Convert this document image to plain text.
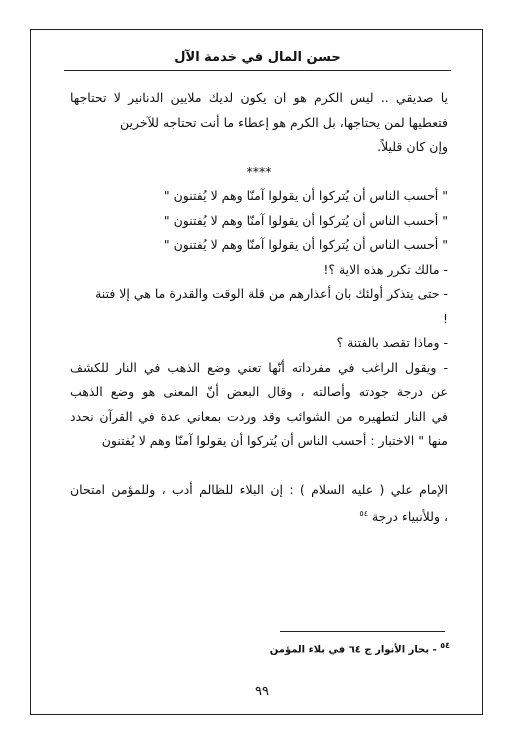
حسن المال في خدمة الآل
يا صديقي .. ليس الكرم هو ان يكون لديك ملايين الدنانير لا تحتاجها
فتعطيها لمن يحتاجها، بل الكرم هو إعطاء ما أنت تحتاجه للآخرين
وإن كان قليلاً.
****
" أحسب الناس أن يُتركوا أن يقولوا آمنّا وهم لا يُفتنون "
" أحسب الناس أن يُتركوا أن يقولوا آمنّا وهم لا يُفتنون "
" أحسب الناس أن يُتركوا أن يقولوا آمنّا وهم لا يُفتنون "
- مالك تكرر هذه الاية ؟!
- حتى يتذكر أولئك بان أعذارهم من قلة الوقت والقدرة ما هي إلا فتنة
!
- وماذا تقصد بالفتنة ؟
- ويقول الراغب في مفرداته أنّها تعني وضع الذهب في النار للكشف
عن درجة جودته وأصالته ، وقال البعض أنّ المعنى هو وضع الذهب
في النار لتطهيره من الشوائب وقد وردت بمعاني عدة في القرآن نحدد
منها " الاختبار : أحسب الناس أن يُتركوا أن يقولوا آمنّا وهم لا يُفتنون
الإمام علي ( عليه السلام ) : إن البلاء للظالم أدب ، وللمؤمن امتحان
، وللأنبياء درجة $^{٥٤}$
$^{٥٤}$ - بحار الأنوار ج ٦٤ في بلاء المؤمن
٩٩
